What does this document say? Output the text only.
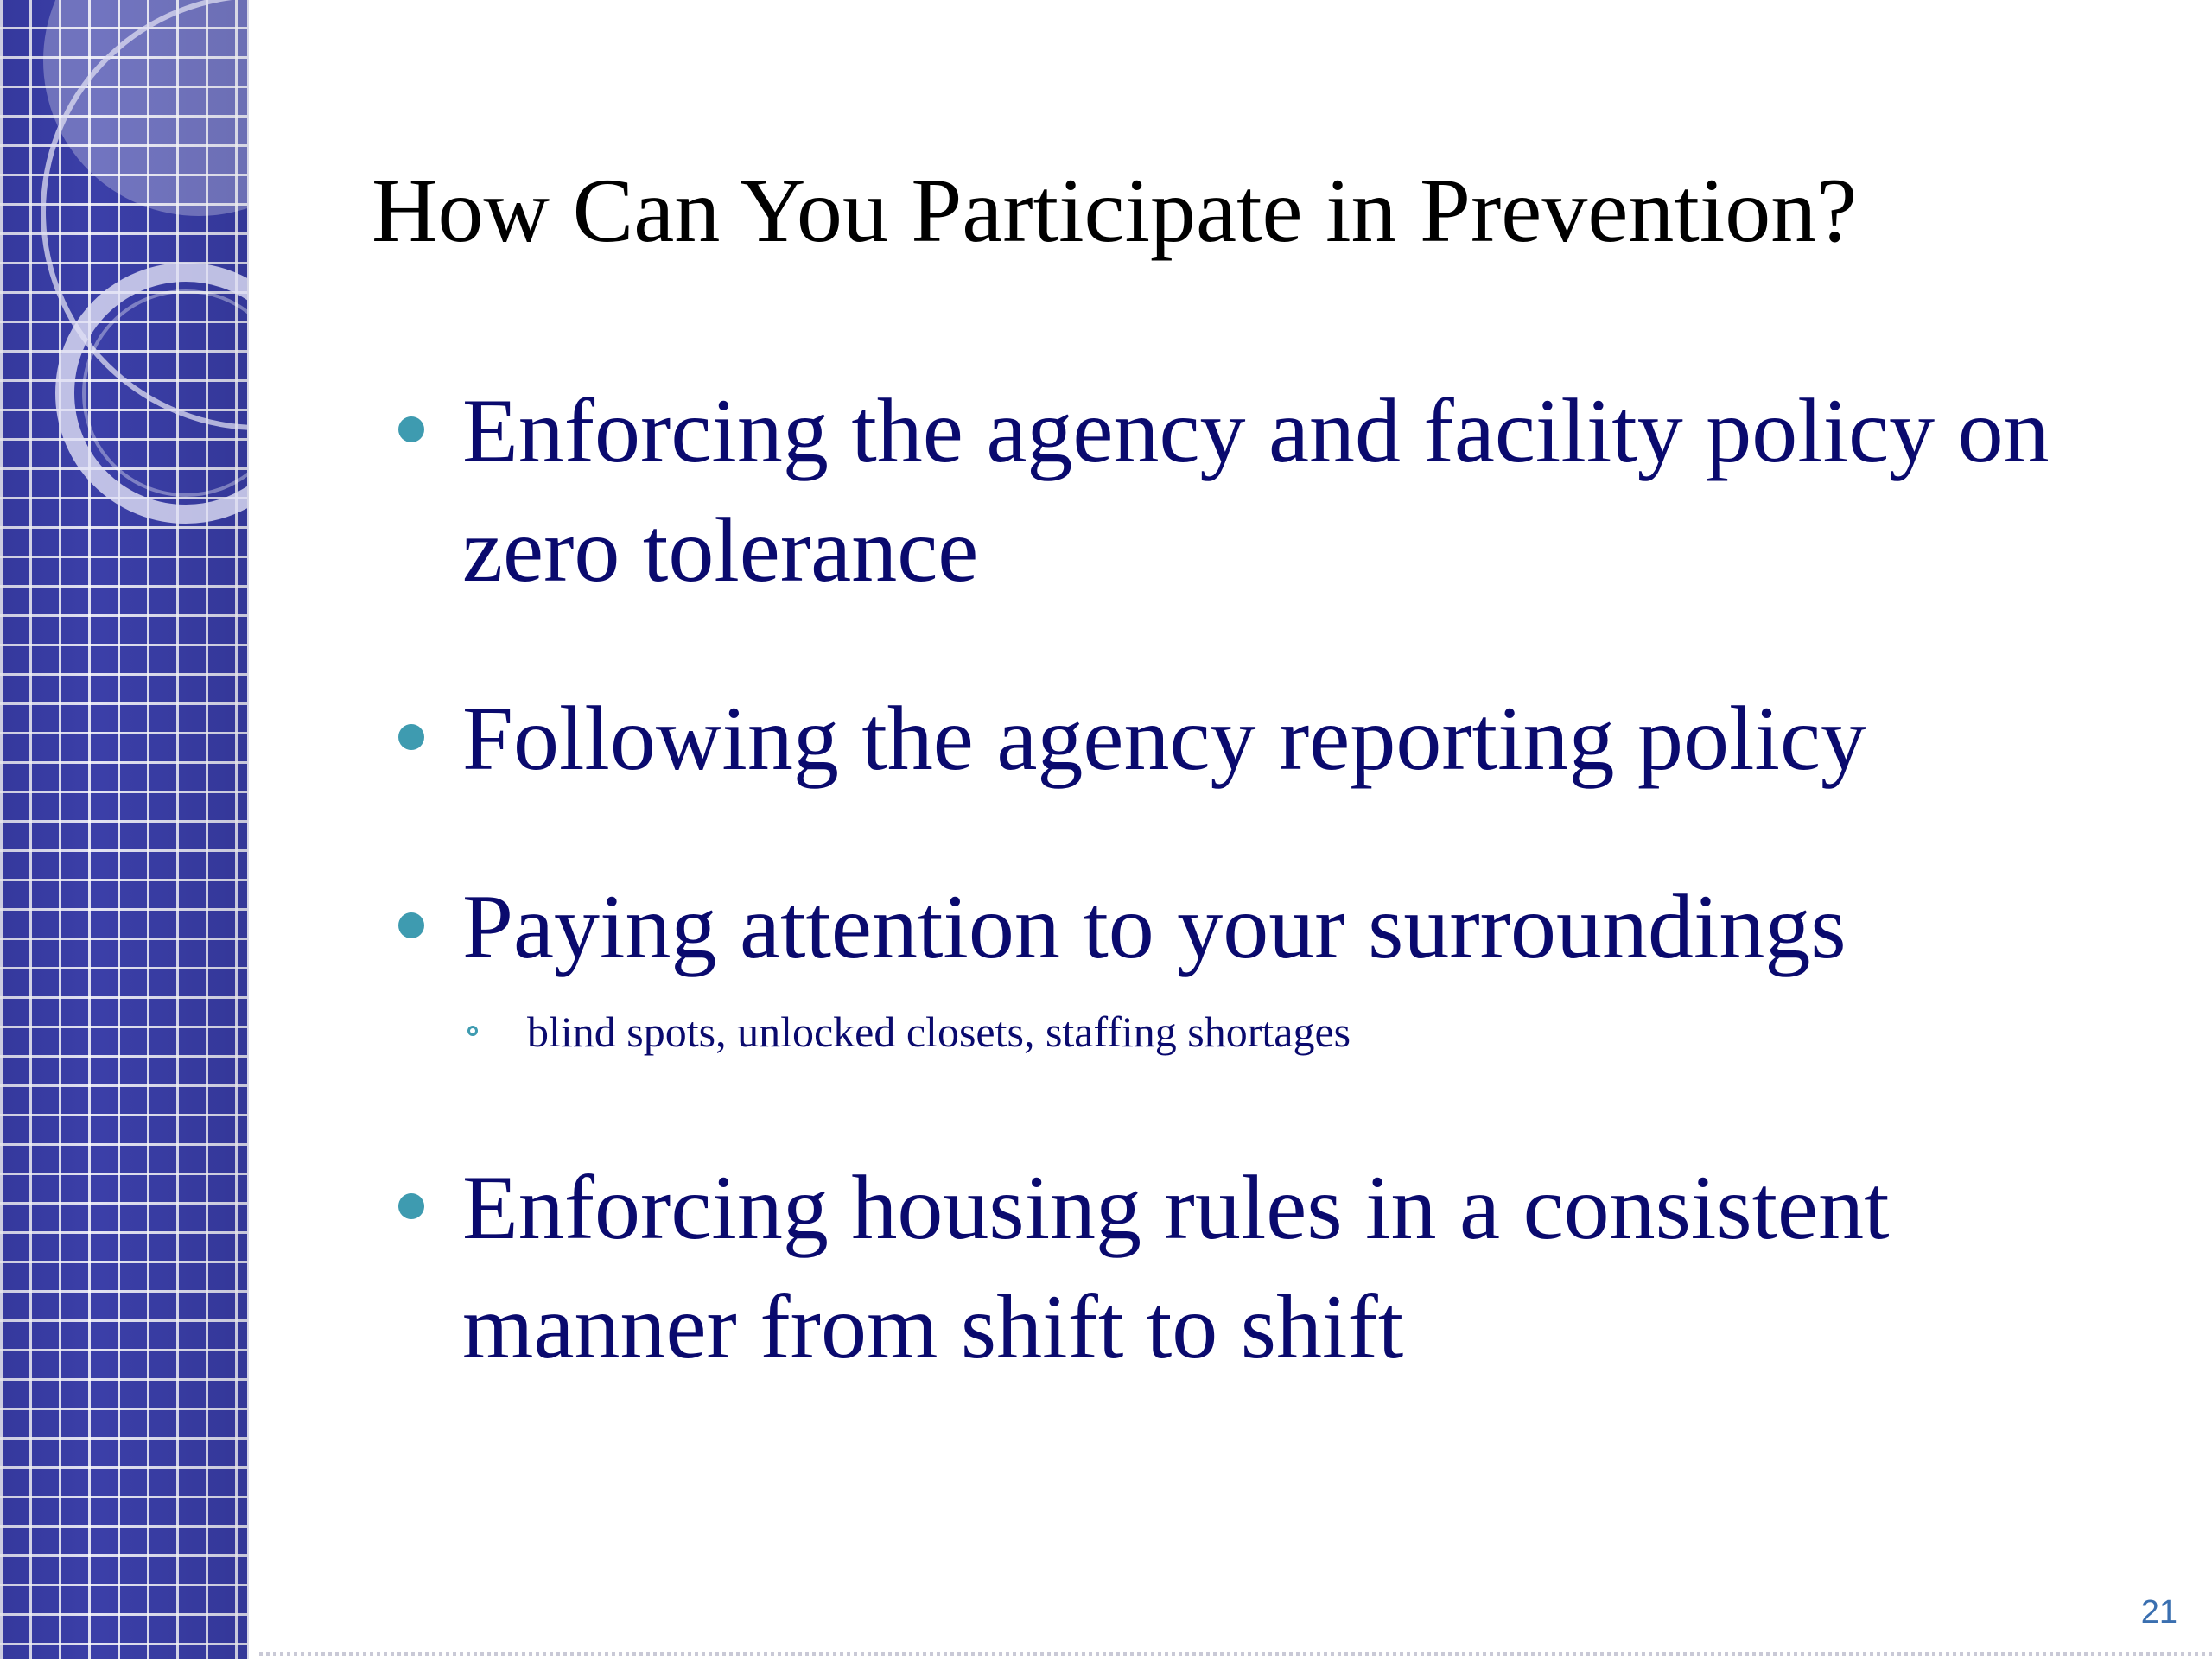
How Can You Participate in Prevention?
Enforcing the agency and facility policy on zero tolerance
Following the agency reporting policy
Paying attention to your surroundings
blind spots, unlocked closets, staffing shortages
Enforcing housing rules in a consistent manner from shift to shift
21
